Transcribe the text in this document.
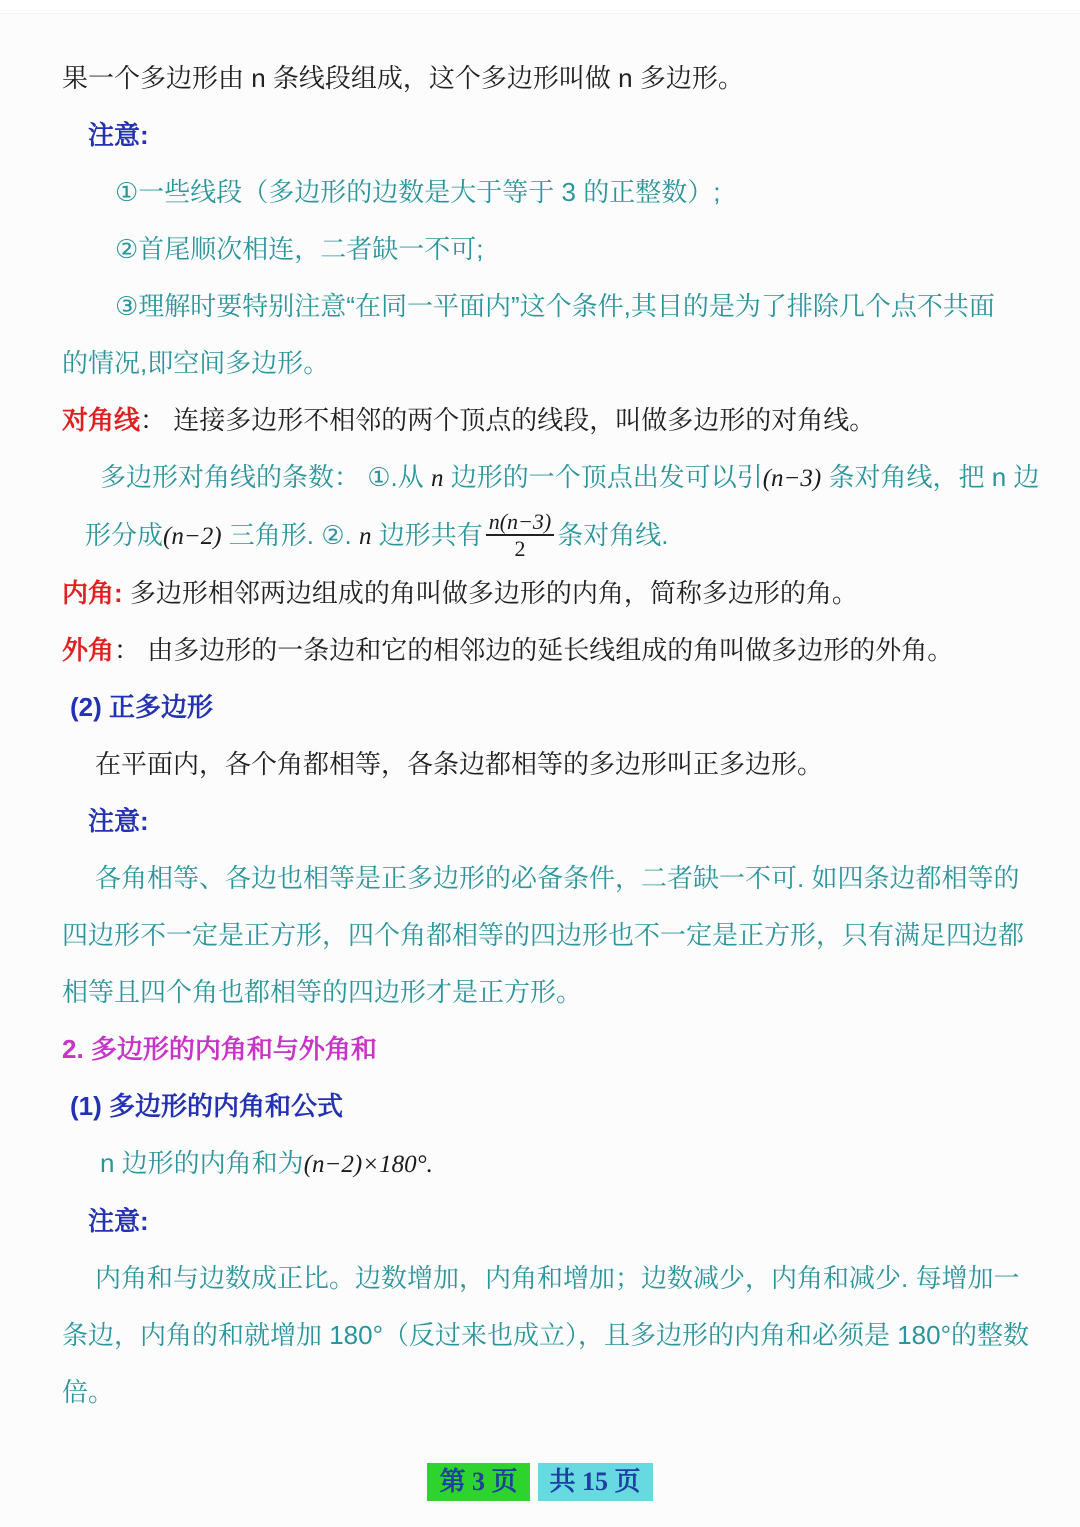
果一个多边形由 n 条线段组成，这个多边形叫做 n 多边形。

注意:

①一些线段（多边形的边数是大于等于 3 的正整数）;

②首尾顺次相连，二者缺一不可;

③理解时要特别注意“在同一平面内”这个条件,其目的是为了排除几个点不共面

的情况,即空间多边形。

对角线： 连接多边形不相邻的两个顶点的线段，叫做多边形的对角线。

多边形对角线的条数： ①.从 n 边形的一个顶点出发可以引(n−3) 条对角线，把 n 边

形分成(n−2) 三角形. ②. n 边形共有 $\frac{n(n-3)}{2}$ 条对角线.

内角: 多边形相邻两边组成的角叫做多边形的内角，简称多边形的角。

外角： 由多边形的一条边和它的相邻边的延长线组成的角叫做多边形的外角。

(2) 正多边形

在平面内，各个角都相等，各条边都相等的多边形叫正多边形。

注意:

各角相等、各边也相等是正多边形的必备条件，二者缺一不可. 如四条边都相等的

四边形不一定是正方形，四个角都相等的四边形也不一定是正方形，只有满足四边都

相等且四个角也都相等的四边形才是正方形。

2. 多边形的内角和与外角和

(1) 多边形的内角和公式

n 边形的内角和为(n−2)×180°.

注意:

内角和与边数成正比。边数增加，内角和增加；边数减少，内角和减少. 每增加一

条边，内角的和就增加 180°（反过来也成立），且多边形的内角和必须是 180°的整数

倍。

第 3 页	共 15 页
